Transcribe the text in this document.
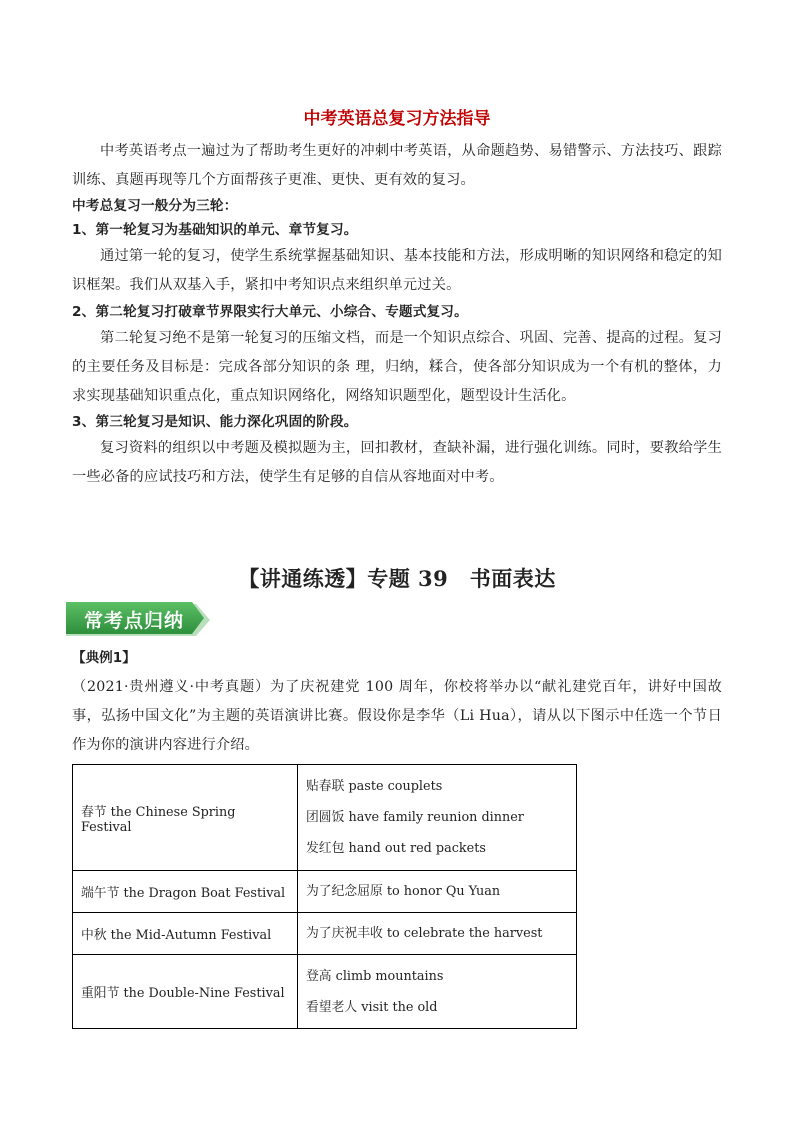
中考英语总复习方法指导

中考英语考点一遍过为了帮助考生更好的冲刺中考英语，从命题趋势、易错警示、方法技巧、跟踪训练、真题再现等几个方面帮孩子更准、更快、更有效的复习。

中考总复习一般分为三轮：

1、第一轮复习为基础知识的单元、章节复习。

通过第一轮的复习，使学生系统掌握基础知识、基本技能和方法，形成明晰的知识网络和稳定的知识框架。我们从双基入手，紧扣中考知识点来组织单元过关。

2、第二轮复习打破章节界限实行大单元、小综合、专题式复习。

第二轮复习绝不是第一轮复习的压缩文档，而是一个知识点综合、巩固、完善、提高的过程。复习的主要任务及目标是：完成各部分知识的条 理，归纳，糅合，使各部分知识成为一个有机的整体，力求实现基础知识重点化，重点知识网络化，网络知识题型化，题型设计生活化。

3、第三轮复习是知识、能力深化巩固的阶段。

复习资料的组织以中考题及模拟题为主，回扣教材，查缺补漏，进行强化训练。同时，要教给学生一些必备的应试技巧和方法，使学生有足够的自信从容地面对中考。

【讲通练透】专题 39　书面表达
常考点归纳
【典例1】

（2021·贵州遵义·中考真题）为了庆祝建党 100 周年，你校将举办以“献礼建党百年，讲好中国故事，弘扬中国文化”为主题的英语演讲比赛。假设你是李华（Li Hua），请从以下图示中任选一个节日作为你的演讲内容进行介绍。

春节 the Chinese Spring Festival	贴春联 paste couplets
团圆饭 have family reunion dinner
发红包 hand out red packets

端午节 the Dragon Boat Festival	为了纪念屈原 to honor Qu Yuan

中秋 the Mid-Autumn Festival	为了庆祝丰收 to celebrate the harvest

重阳节 the Double-Nine Festival	登高 climb mountains
看望老人 visit the old
